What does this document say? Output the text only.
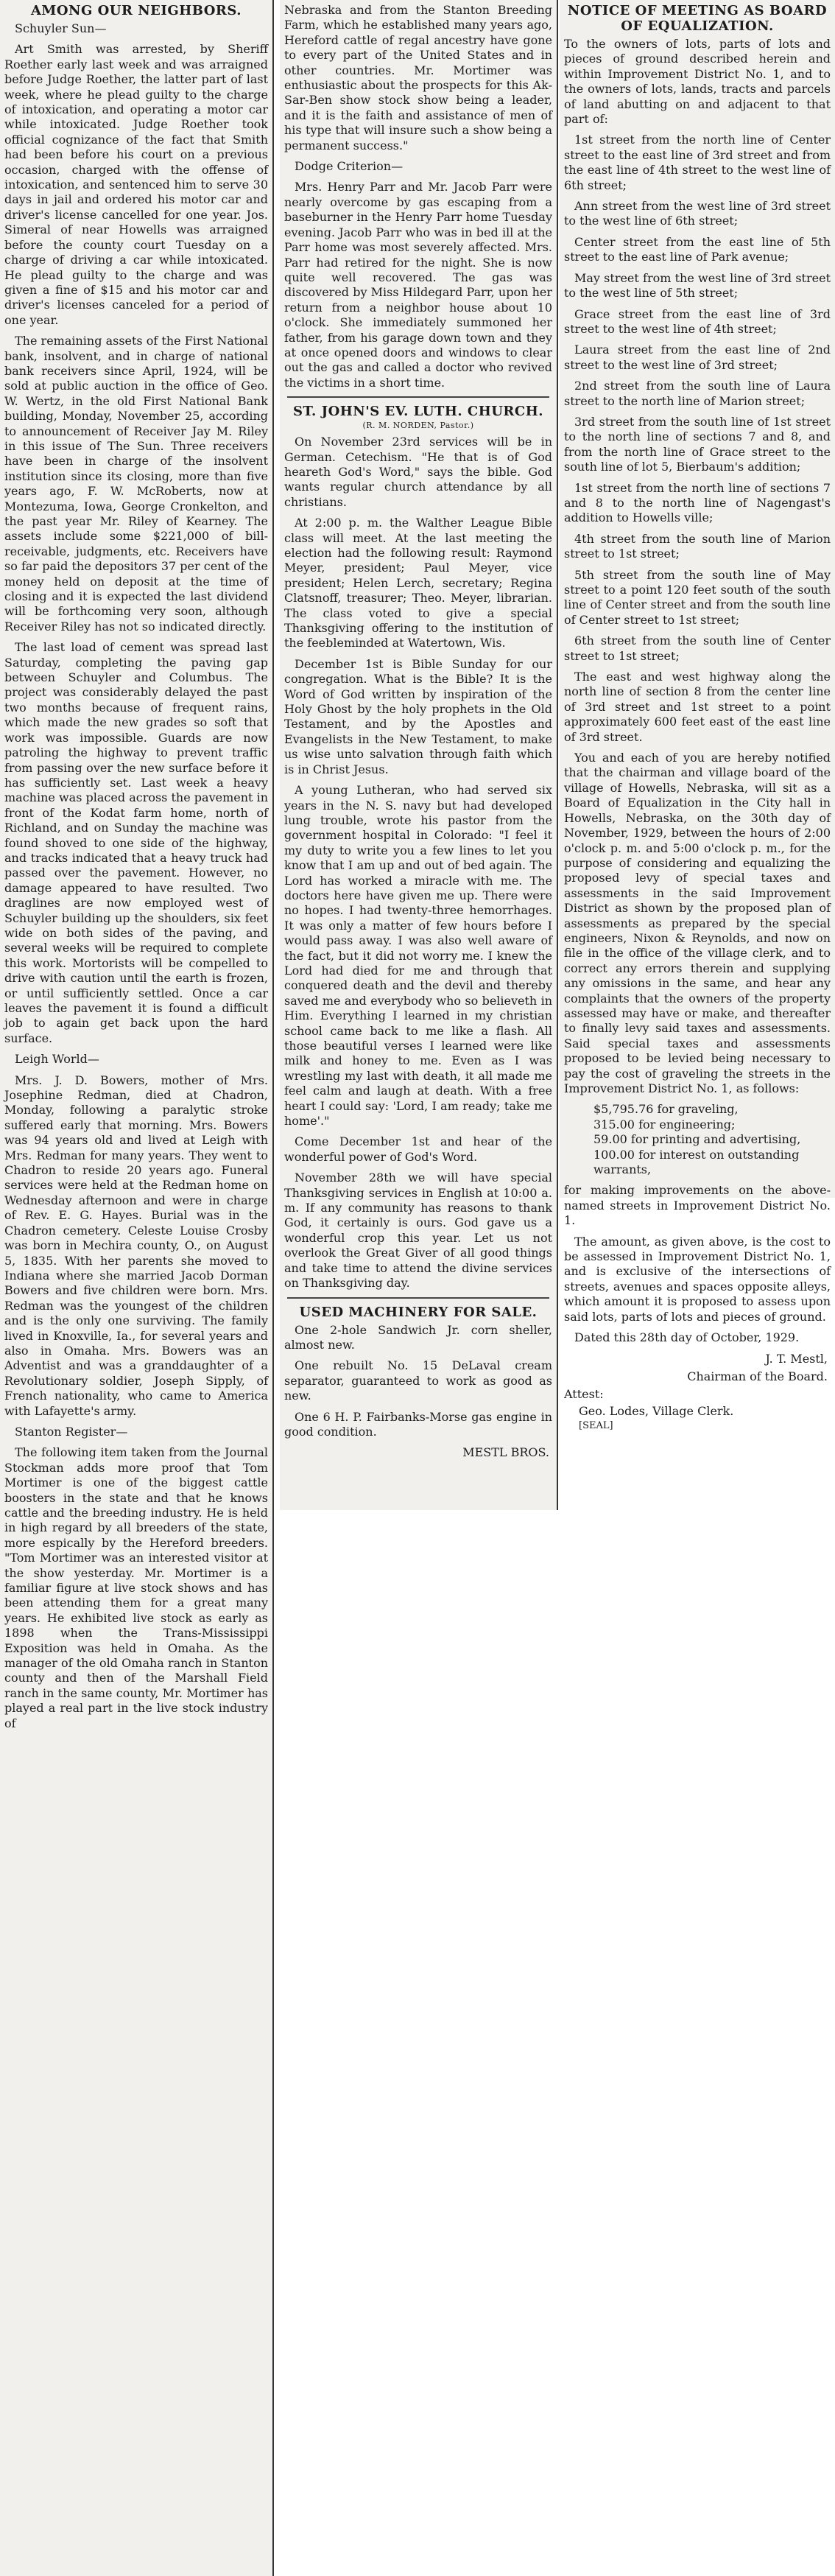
AMONG OUR NEIGHBORS.

Schuyler Sun—

Art Smith was arrested, by Sheriff Roether early last week and was arraigned before Judge Roether, the latter part of last week, where he plead guilty to the charge of intoxication, and operating a motor car while intoxicated. Judge Roether took official cognizance of the fact that Smith had been before his court on a previous occasion, charged with the offense of intoxication, and sentenced him to serve 30 days in jail and ordered his motor car and driver's license cancelled for one year. Jos. Simeral of near Howells was arraigned before the county court Tuesday on a charge of driving a car while intoxicated. He plead guilty to the charge and was given a fine of $15 and his motor car and driver's licenses canceled for a period of one year.

The remaining assets of the First National bank, insolvent, and in charge of national bank receivers since April, 1924, will be sold at public auction in the office of Geo. W. Wertz, in the old First National Bank building, Monday, November 25, according to announcement of Receiver Jay M. Riley in this issue of The Sun. Three receivers have been in charge of the insolvent institution since its closing, more than five years ago, F. W. McRoberts, now at Montezuma, Iowa, George Cronkelton, and the past year Mr. Riley of Kearney. The assets include some $221,000 of bill-receivable, judgments, etc. Receivers have so far paid the depositors 37 per cent of the money held on deposit at the time of closing and it is expected the last dividend will be forthcoming very soon, although Receiver Riley has not so indicated directly.

The last load of cement was spread last Saturday, completing the paving gap between Schuyler and Columbus. The project was considerably delayed the past two months because of frequent rains, which made the new grades so soft that work was impossible. Guards are now patroling the highway to prevent traffic from passing over the new surface before it has sufficiently set. Last week a heavy machine was placed across the pavement in front of the Kodat farm home, north of Richland, and on Sunday the machine was found shoved to one side of the highway, and tracks indicated that a heavy truck had passed over the pavement. However, no damage appeared to have resulted. Two draglines are now employed west of Schuyler building up the shoulders, six feet wide on both sides of the paving, and several weeks will be required to complete this work. Mortorists will be compelled to drive with caution until the earth is frozen, or until sufficiently settled. Once a car leaves the pavement it is found a difficult job to again get back upon the hard surface.

Leigh World—

Mrs. J. D. Bowers, mother of Mrs. Josephine Redman, died at Chadron, Monday, following a paralytic stroke suffered early that morning. Mrs. Bowers was 94 years old and lived at Leigh with Mrs. Redman for many years. They went to Chadron to reside 20 years ago. Funeral services were held at the Redman home on Wednesday afternoon and were in charge of Rev. E. G. Hayes. Burial was in the Chadron cemetery. Celeste Louise Crosby was born in Mechira county, O., on August 5, 1835. With her parents she moved to Indiana where she married Jacob Dorman Bowers and five children were born. Mrs. Redman was the youngest of the children and is the only one surviving. The family lived in Knoxville, Ia., for several years and also in Omaha. Mrs. Bowers was an Adventist and was a granddaughter of a Revolutionary soldier, Joseph Sipply, of French nationality, who came to America with Lafayette's army.

Stanton Register—

The following item taken from the Journal Stockman adds more proof that Tom Mortimer is one of the biggest cattle boosters in the state and that he knows cattle and the breeding industry. He is held in high regard by all breeders of the state, more espically by the Hereford breeders. "Tom Mortimer was an interested visitor at the show yesterday. Mr. Mortimer is a familiar figure at live stock shows and has been attending them for a great many years. He exhibited live stock as early as 1898 when the Trans-Mississippi Exposition was held in Omaha. As the manager of the old Omaha ranch in Stanton county and then of the Marshall Field ranch in the same county, Mr. Mortimer has played a real part in the live stock industry of

Nebraska and from the Stanton Breeding Farm, which he established many years ago, Hereford cattle of regal ancestry have gone to every part of the United States and in other countries. Mr. Mortimer was enthusiastic about the prospects for this Ak-Sar-Ben show stock show being a leader, and it is the faith and assistance of men of his type that will insure such a show being a permanent success."

Dodge Criterion—

Mrs. Henry Parr and Mr. Jacob Parr were nearly overcome by gas escaping from a baseburner in the Henry Parr home Tuesday evening. Jacob Parr who was in bed ill at the Parr home was most severely affected. Mrs. Parr had retired for the night. She is now quite well recovered. The gas was discovered by Miss Hildegard Parr, upon her return from a neighbor house about 10 o'clock. She immediately summoned her father, from his garage down town and they at once opened doors and windows to clear out the gas and called a doctor who revived the victims in a short time.

ST. JOHN'S EV. LUTH. CHURCH.
(R. M. NORDEN, Pastor.)

On November 23rd services will be in German. Cetechism. "He that is of God heareth God's Word," says the bible. God wants regular church attendance by all christians.

At 2:00 p. m. the Walther League Bible class will meet. At the last meeting the election had the following result: Raymond Meyer, president; Paul Meyer, vice president; Helen Lerch, secretary; Regina Clatsnoff, treasurer; Theo. Meyer, librarian. The class voted to give a special Thanksgiving offering to the institution of the feebleminded at Watertown, Wis.

December 1st is Bible Sunday for our congregation. What is the Bible? It is the Word of God written by inspiration of the Holy Ghost by the holy prophets in the Old Testament, and by the Apostles and Evangelists in the New Testament, to make us wise unto salvation through faith which is in Christ Jesus.

A young Lutheran, who had served six years in the N. S. navy but had developed lung trouble, wrote his pastor from the government hospital in Colorado: "I feel it my duty to write you a few lines to let you know that I am up and out of bed again. The Lord has worked a miracle with me. The doctors here have given me up. There were no hopes. I had twenty-three hemorrhages. It was only a matter of few hours before I would pass away. I was also well aware of the fact, but it did not worry me. I knew the Lord had died for me and through that conquered death and the devil and thereby saved me and everybody who so believeth in Him. Everything I learned in my christian school came back to me like a flash. All those beautiful verses I learned were like milk and honey to me. Even as I was wrestling my last with death, it all made me feel calm and laugh at death. With a free heart I could say: 'Lord, I am ready; take me home'."

Come December 1st and hear of the wonderful power of God's Word.

November 28th we will have special Thanksgiving services in English at 10:00 a. m. If any community has reasons to thank God, it certainly is ours. God gave us a wonderful crop this year. Let us not overlook the Great Giver of all good things and take time to attend the divine services on Thanksgiving day.

USED MACHINERY FOR SALE.

One 2-hole Sandwich Jr. corn sheller, almost new.

One rebuilt No. 15 DeLaval cream separator, guaranteed to work as good as new.

One 6 H. P. Fairbanks-Morse gas engine in good condition.

MESTL BROS.
NOTICE OF MEETING AS BOARD OF EQUALIZATION.

To the owners of lots, parts of lots and pieces of ground described herein and within Improvement District No. 1, and to the owners of lots, lands, tracts and parcels of land abutting on and adjacent to that part of:

1st street from the north line of Center street to the east line of 3rd street and from the east line of 4th street to the west line of 6th street;

Ann street from the west line of 3rd street to the west line of 6th street;

Center street from the east line of 5th street to the east line of Park avenue;

May street from the west line of 3rd street to the west line of 5th street;

Grace street from the east line of 3rd street to the west line of 4th street;

Laura street from the east line of 2nd street to the west line of 3rd street;

2nd street from the south line of Laura street to the north line of Marion street;

3rd street from the south line of 1st street to the north line of sections 7 and 8, and from the north line of Grace street to the south line of lot 5, Bierbaum's addition;

1st street from the north line of sections 7 and 8 to the north line of Nagengast's addition to Howells ville;

4th street from the south line of Marion street to 1st street;

5th street from the south line of May street to a point 120 feet south of the south line of Center street and from the south line of Center street to 1st street;

6th street from the south line of Center street to 1st street;

The east and west highway along the north line of section 8 from the center line of 3rd street and 1st street to a point approximately 600 feet east of the east line of 3rd street.

You and each of you are hereby notified that the chairman and village board of the village of Howells, Nebraska, will sit as a Board of Equalization in the City hall in Howells, Nebraska, on the 30th day of November, 1929, between the hours of 2:00 o'clock p. m. and 5:00 o'clock p. m., for the purpose of considering and equalizing the proposed levy of special taxes and assessments in the said Improvement District as shown by the proposed plan of assessments as prepared by the special engineers, Nixon & Reynolds, and now on file in the office of the village clerk, and to correct any errors therein and supplying any omissions in the same, and hear any complaints that the owners of the property assessed may have or make, and thereafter to finally levy said taxes and assessments. Said special taxes and assessments proposed to be levied being necessary to pay the cost of graveling the streets in the Improvement District No. 1, as follows:

$5,795.76 for graveling,
315.00 for engineering;
59.00 for printing and advertising,
100.00 for interest on outstanding warrants,

for making improvements on the above-named streets in Improvement District No. 1.

The amount, as given above, is the cost to be assessed in Improvement District No. 1, and is exclusive of the intersections of streets, avenues and spaces opposite alleys, which amount it is proposed to assess upon said lots, parts of lots and pieces of ground.

Dated this 28th day of October, 1929.

J. T. Mestl,
Chairman of the Board.
Attest:
Geo. Lodes, Village Clerk.
[SEAL]
